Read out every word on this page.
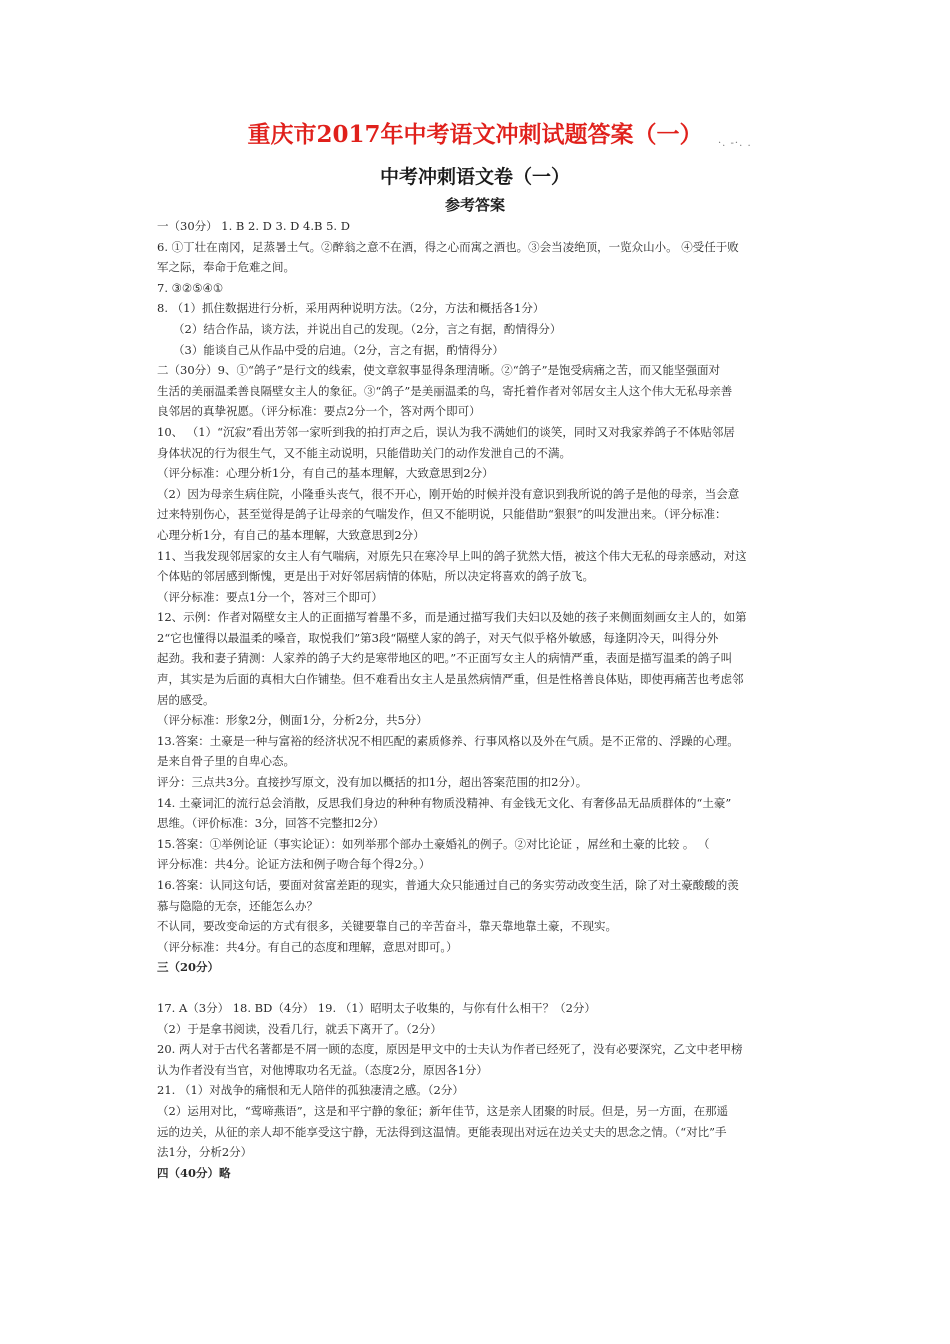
重庆市2017年中考语文冲刺试题答案（一）	·. -·. .
中考冲刺语文卷（一）
参考答案
一（30分） 1. B 2. D 3. D 4.B 5. D
6. ①丁壮在南冈，足蒸暑土气。②醉翁之意不在酒，得之心而寓之酒也。③会当凌绝顶，一览众山小。 ④受任于败
军之际，奉命于危难之间。
7. ③②⑤④①
8. （1）抓住数据进行分析，采用两种说明方法。（2分，方法和概括各1分）
（2）结合作品，谈方法，并说出自己的发现。（2分，言之有据，酌情得分）
（3）能谈自己从作品中受的启迪。（2分，言之有据，酌情得分）
二（30分）9、①“鸽子”是行文的线索，使文章叙事显得条理清晰。②“鸽子”是饱受病痛之苦，而又能坚强面对
生活的美丽温柔善良隔壁女主人的象征。③“鸽子”是美丽温柔的鸟，寄托着作者对邻居女主人这个伟大无私母亲善
良邻居的真挚祝愿。（评分标准：要点2分一个，答对两个即可）
10、 （1）“沉寂”看出芳邻一家听到我的拍打声之后，误认为我不满她们的谈笑，同时又对我家养鸽子不体贴邻居
身体状况的行为很生气，又不能主动说明，只能借助关门的动作发泄自己的不满。
（评分标准：心理分析1分，有自己的基本理解，大致意思到2分）
（2）因为母亲生病住院，小隆垂头丧气，很不开心，刚开始的时候并没有意识到我所说的鸽子是他的母亲，当会意
过来特别伤心，甚至觉得是鸽子让母亲的气喘发作，但又不能明说，只能借助“狠狠”的叫发泄出来。（评分标准：
心理分析1分，有自己的基本理解，大致意思到2分）
11、当我发现邻居家的女主人有气喘病，对原先只在寒冷早上叫的鸽子犹然大悟，被这个伟大无私的母亲感动，对这
个体贴的邻居感到惭愧，更是出于对好邻居病情的体贴，所以决定将喜欢的鸽子放飞。
（评分标准：要点1分一个，答对三个即可）
12、示例：作者对隔壁女主人的正面描写着墨不多，而是通过描写我们夫妇以及她的孩子来侧面刻画女主人的，如第
2“它也懂得以最温柔的嗓音，取悦我们”第3段“隔壁人家的鸽子，对天气似乎格外敏感，每逢阴冷天，叫得分外
起劲。我和妻子猜测：人家养的鸽子大约是寒带地区的吧。”不正面写女主人的病情严重，表面是描写温柔的鸽子叫
声，其实是为后面的真相大白作铺垫。但不难看出女主人是虽然病情严重，但是性格善良体贴，即使再痛苦也考虑邻
居的感受。
（评分标准：形象2分，侧面1分，分析2分，共5分）
13.答案：土豪是一种与富裕的经济状况不相匹配的素质修养、行事风格以及外在气质。是不正常的、浮躁的心理。
是来自骨子里的自卑心态。
评分：三点共3分。直接抄写原文，没有加以概括的扣1分，超出答案范围的扣2分）。
14. 土豪词汇的流行总会消散，反思我们身边的种种有物质没精神、有金钱无文化、有奢侈品无品质群体的“土豪”
思维。（评价标准：3分，回答不完整扣2分）
15.答案：①举例论证（事实论证）：如列举那个部办土豪婚礼的例子。②对比论证 ，屌丝和土豪的比较 。 （
评分标准：共4分。论证方法和例子吻合每个得2分。）
16.答案：认同这句话，要面对贫富差距的现实，普通大众只能通过自己的务实劳动改变生活，除了对土豪酸酸的羡
慕与隐隐的无奈，还能怎么办？
不认同，要改变命运的方式有很多，关键要靠自己的辛苦奋斗，靠天靠地靠土豪，不现实。
（评分标准：共4分。有自己的态度和理解，意思对即可。）
三（20分）
17. A（3分） 18. BD（4分） 19. （1）昭明太子收集的，与你有什么相干？（2分）
（2）于是拿书阅读，没看几行，就丢下离开了。（2分）
20. 两人对于古代名著都是不屑一顾的态度，原因是甲文中的士夫认为作者已经死了，没有必要深究，乙文中老甲榜
认为作者没有当官，对他博取功名无益。（态度2分，原因各1分）
21. （1）对战争的痛恨和无人陪伴的孤独凄清之感。（2分）
（2）运用对比，“莺啼燕语”，这是和平宁静的象征；新年佳节，这是亲人团聚的时辰。但是，另一方面，在那遥
远的边关，从征的亲人却不能享受这宁静，无法得到这温情。更能表现出对远在边关丈夫的思念之情。（“对比”手
法1分，分析2分）
四（40分）略
